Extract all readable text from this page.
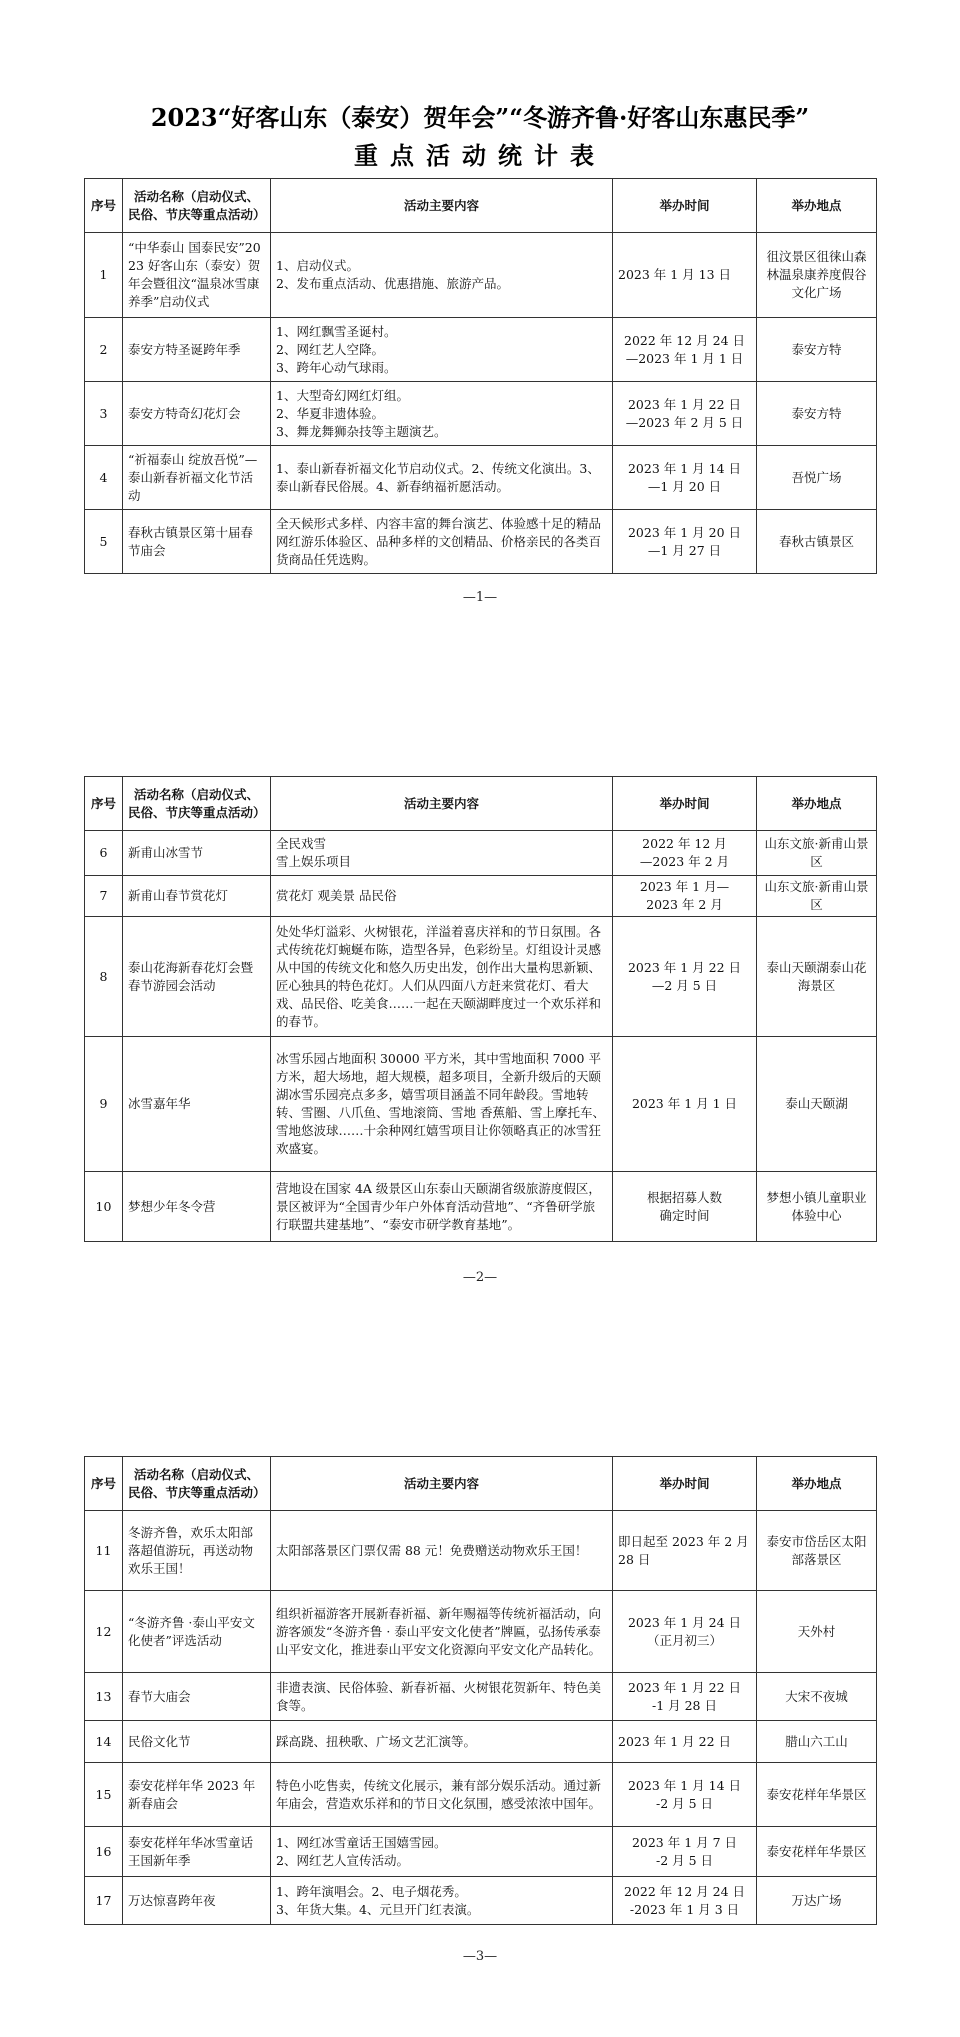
2023“好客山东（泰安）贺年会”“冬游齐鲁·好客山东惠民季”
重点活动统计表
序号	活动名称（启动仪式、
民俗、节庆等重点活动）	活动主要内容	举办时间	举办地点
1	“中华泰山 国泰民安”2023 好客山东（泰安）贺年会暨徂汶“温泉冰雪康养季”启动仪式	1、启动仪式。
2、发布重点活动、优惠措施、旅游产品。	2023 年 1 月 13 日	徂汶景区徂徕山森林温泉康养度假谷文化广场
2	泰安方特圣诞跨年季	1、网红飘雪圣诞村。
2、网红艺人空降。
3、跨年心动气球雨。	2022 年 12 月 24 日
—2023 年 1 月 1 日	泰安方特
3	泰安方特奇幻花灯会	1、大型奇幻网红灯组。
2、华夏非遗体验。
3、舞龙舞狮杂技等主题演艺。	2023 年 1 月 22 日
—2023 年 2 月 5 日	泰安方特
4	“祈福泰山 绽放吾悦”—泰山新春祈福文化节活动	1、泰山新春祈福文化节启动仪式。2、传统文化演出。3、泰山新春民俗展。4、新春纳福祈愿活动。	2023 年 1 月 14 日
—1 月 20 日	吾悦广场
5	春秋古镇景区第十届春节庙会	全天候形式多样、内容丰富的舞台演艺、体验感十足的精品网红游乐体验区、品种多样的文创精品、价格亲民的各类百货商品任凭选购。	2023 年 1 月 20 日
—1 月 27 日	春秋古镇景区
—1—
序号	活动名称（启动仪式、
民俗、节庆等重点活动）	活动主要内容	举办时间	举办地点
6	新甫山冰雪节	全民戏雪
雪上娱乐项目	2022 年 12 月
—2023 年 2 月	山东文旅·新甫山景区
7	新甫山春节赏花灯	赏花灯 观美景 品民俗	2023 年 1 月—
2023 年 2 月	山东文旅·新甫山景区
8	泰山花海新春花灯会暨春节游园会活动	处处华灯溢彩、火树银花，洋溢着喜庆祥和的节日氛围。各式传统花灯蜿蜒布陈，造型各异，色彩纷呈。灯组设计灵感从中国的传统文化和悠久历史出发，创作出大量构思新颖、匠心独具的特色花灯。人们从四面八方赶来赏花灯、看大戏、品民俗、吃美食……一起在天颐湖畔度过一个欢乐祥和的春节。	2023 年 1 月 22 日
—2 月 5 日	泰山天颐湖泰山花海景区
9	冰雪嘉年华	冰雪乐园占地面积 30000 平方米，其中雪地面积 7000 平方米，超大场地，超大规模，超多项目，全新升级后的天颐湖冰雪乐园亮点多多，嬉雪项目涵盖不同年龄段。雪地转转、雪圈、八爪鱼、雪地滚筒、雪地 香蕉船、雪上摩托车、雪地悠波球……十余种网红嬉雪项目让你领略真正的冰雪狂欢盛宴。	2023 年 1 月 1 日	泰山天颐湖
10	梦想少年冬令营	营地设在国家 4A 级景区山东泰山天颐湖省级旅游度假区，景区被评为“全国青少年户外体育活动营地”、“齐鲁研学旅行联盟共建基地”、“泰安市研学教育基地”。	根据招募人数
确定时间	梦想小镇儿童职业体验中心
—2—
序号	活动名称（启动仪式、
民俗、节庆等重点活动）	活动主要内容	举办时间	举办地点
11	冬游齐鲁，欢乐太阳部落超值游玩，再送动物欢乐王国！	太阳部落景区门票仅需 88 元！免费赠送动物欢乐王国！	即日起至 2023 年 2 月 28 日	泰安市岱岳区太阳部落景区
12	“冬游齐鲁 ·泰山平安文化使者”评选活动	组织祈福游客开展新春祈福、新年赐福等传统祈福活动，向游客颁发“冬游齐鲁 · 泰山平安文化使者”牌匾，弘扬传承泰山平安文化，推进泰山平安文化资源向平安文化产品转化。	2023 年 1 月 24 日
（正月初三）	天外村
13	春节大庙会	非遗表演、民俗体验、新春祈福、火树银花贺新年、特色美食等。	2023 年 1 月 22 日
-1 月 28 日	大宋不夜城
14	民俗文化节	踩高跷、扭秧歌、广场文艺汇演等。	2023 年 1 月 22 日	腊山六工山
15	泰安花样年华 2023 年新春庙会	特色小吃售卖，传统文化展示，兼有部分娱乐活动。通过新年庙会，营造欢乐祥和的节日文化氛围，感受浓浓中国年。	2023 年 1 月 14 日
-2 月 5 日	泰安花样年华景区
16	泰安花样年华冰雪童话王国新年季	1、网红冰雪童话王国嬉雪园。
2、网红艺人宣传活动。	2023 年 1 月 7 日
-2 月 5 日	泰安花样年华景区
17	万达惊喜跨年夜	1、跨年演唱会。2、电子烟花秀。
3、年货大集。4、元旦开门红表演。	2022 年 12 月 24 日
-2023 年 1 月 3 日	万达广场
—3—
